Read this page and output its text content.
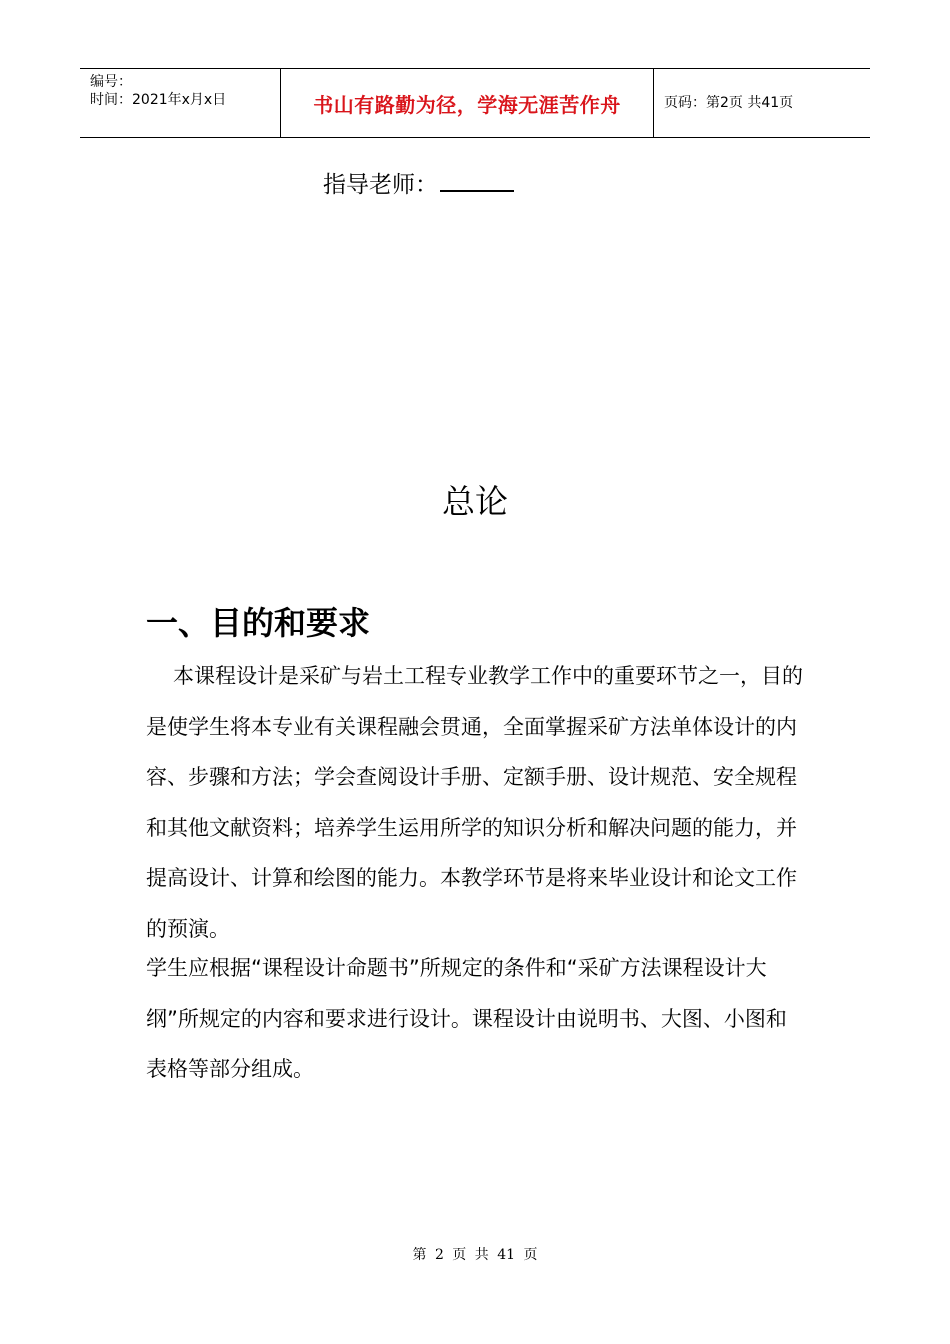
编号：
时间：2021年x月x日	书山有路勤为径，学海无涯苦作舟	页码：第2页 共41页
指导老师：
总论
一、目的和要求

本课程设计是采矿与岩土工程专业教学工作中的重要环节之一，目的是使学生将本专业有关课程融会贯通，全面掌握采矿方法单体设计的内容、步骤和方法；学会查阅设计手册、定额手册、设计规范、安全规程和其他文献资料；培养学生运用所学的知识分析和解决问题的能力，并提高设计、计算和绘图的能力。本教学环节是将来毕业设计和论文工作的预演。

学生应根据“课程设计命题书”所规定的条件和“采矿方法课程设计大纲”所规定的内容和要求进行设计。课程设计由说明书、大图、小图和表格等部分组成。

第 2 页 共 41 页
